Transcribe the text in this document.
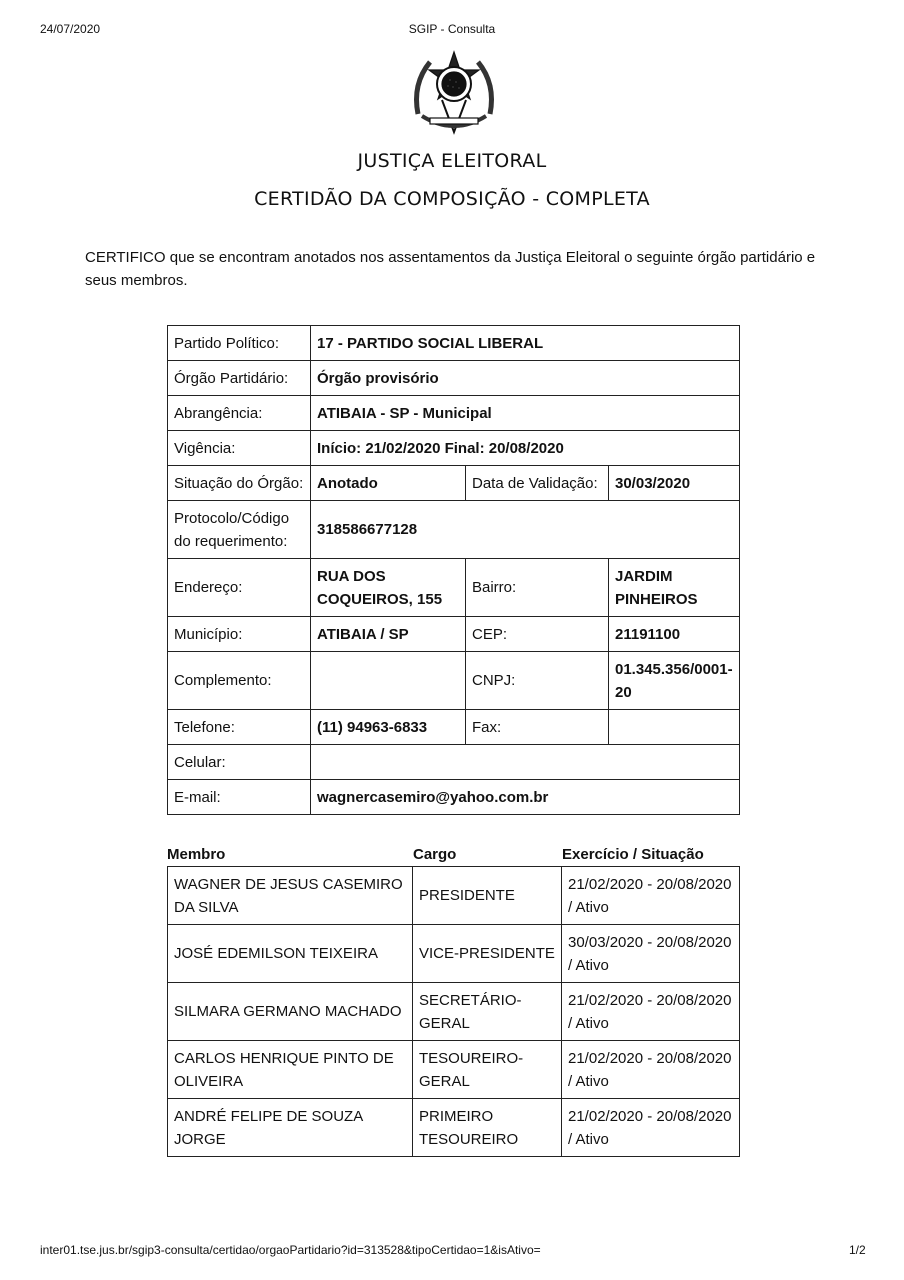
24/07/2020	SGIP - Consulta
JUSTIÇA ELEITORAL
CERTIDÃO DA COMPOSIÇÃO - COMPLETA
CERTIFICO que se encontram anotados nos assentamentos da Justiça Eleitoral o seguinte órgão partidário e seus membros.
Partido Político:	17 - PARTIDO SOCIAL LIBERAL		
Órgão Partidário:	Órgão provisório		
Abrangência:	ATIBAIA - SP - Municipal		
Vigência:	Início: 21/02/2020 Final: 20/08/2020		
Situação do Órgão:	Anotado	Data de Validação:	30/03/2020
Protocolo/Código do requerimento:	318586677128		
Endereço:	RUA DOS COQUEIROS, 155	Bairro:	JARDIM PINHEIROS
Município:	ATIBAIA / SP	CEP:	21191100
Complemento:		CNPJ:	01.345.356/0001-20
Telefone:	(11) 94963-6833	Fax:	
Celular:			
E-mail:	wagnercasemiro@yahoo.com.br		
Membro	Cargo	Exercício / Situação
WAGNER DE JESUS CASEMIRO DA SILVA	PRESIDENTE	21/02/2020 - 20/08/2020 / Ativo
JOSÉ EDEMILSON TEIXEIRA	VICE-PRESIDENTE	30/03/2020 - 20/08/2020 / Ativo
SILMARA GERMANO MACHADO	SECRETÁRIO-GERAL	21/02/2020 - 20/08/2020 / Ativo
CARLOS HENRIQUE PINTO DE OLIVEIRA	TESOUREIRO-GERAL	21/02/2020 - 20/08/2020 / Ativo
ANDRÉ FELIPE DE SOUZA JORGE	PRIMEIRO TESOUREIRO	21/02/2020 - 20/08/2020 / Ativo
inter01.tse.jus.br/sgip3-consulta/certidao/orgaoPartidario?id=313528&tipoCertidao=1&isAtivo=	1/2
